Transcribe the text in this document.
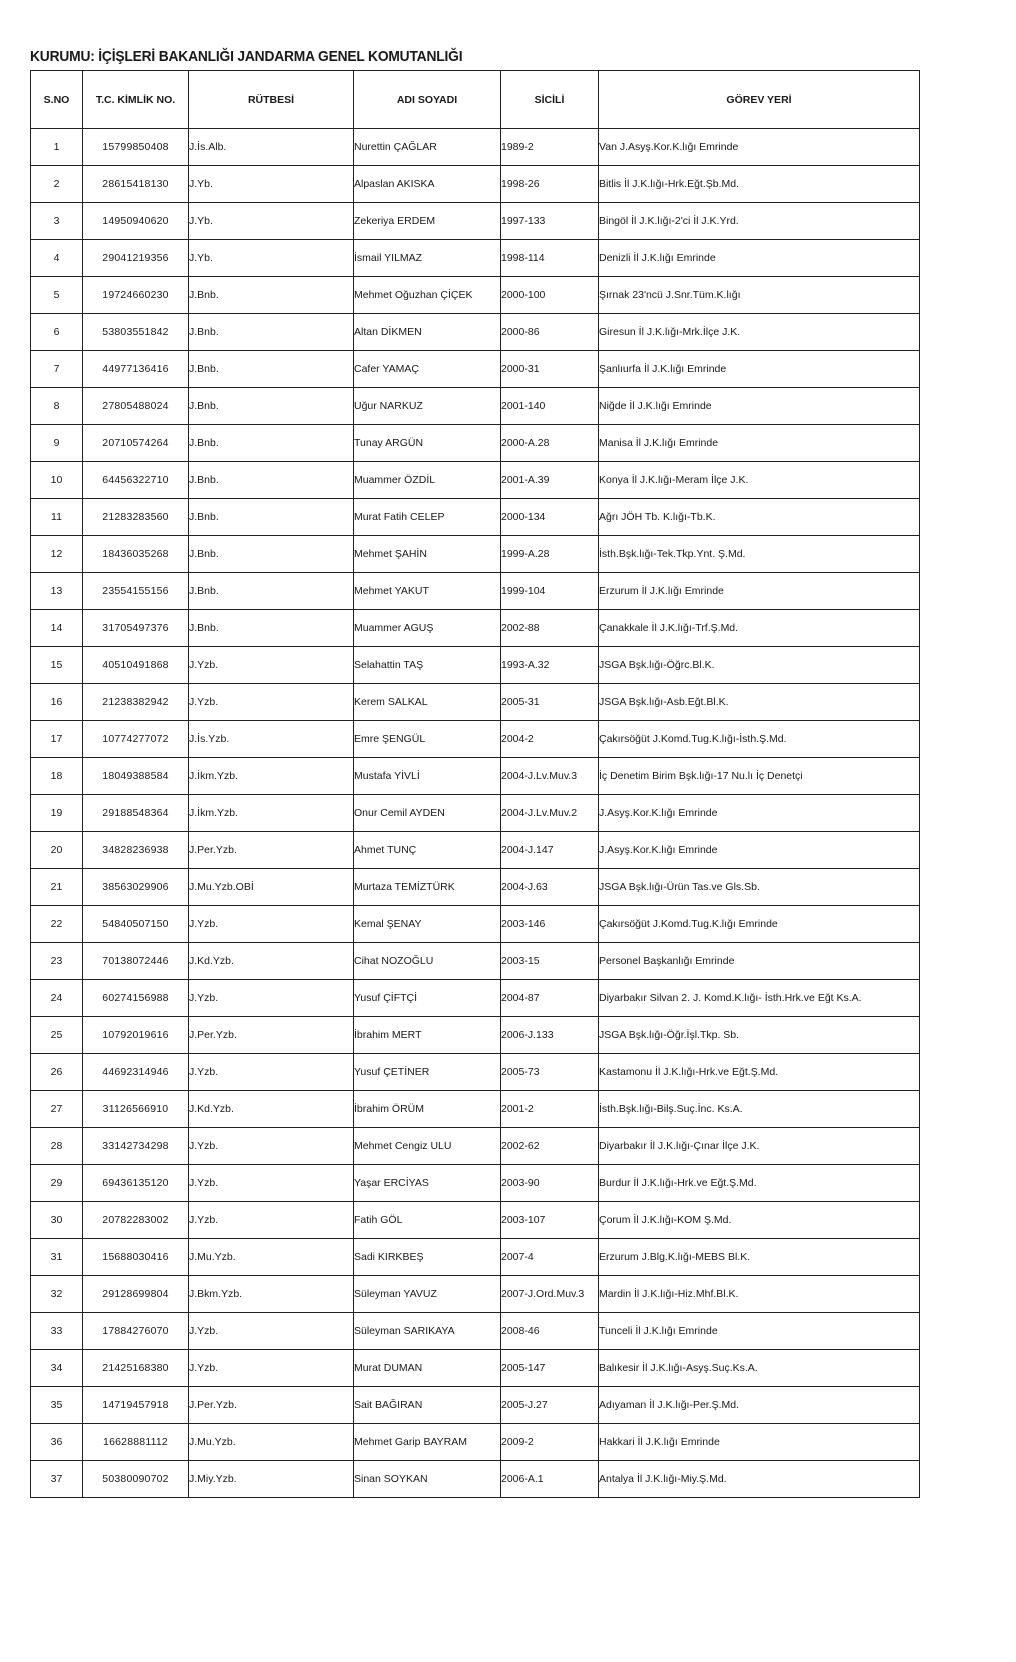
KURUMU: İÇİŞLERİ BAKANLIĞI JANDARMA GENEL KOMUTANLIĞI
S.NO	T.C. KİMLİK NO.	RÜTBESİ	ADI SOYADI	SİCİLİ	GÖREV YERİ
1	15799850408	J.İs.Alb.	Nurettin ÇAĞLAR	1989-2	Van J.Asyş.Kor.K.lığı Emrinde
2	28615418130	J.Yb.	Alpaslan AKISKA	1998-26	Bitlis İl J.K.lığı-Hrk.Eğt.Şb.Md.
3	14950940620	J.Yb.	Zekeriya ERDEM	1997-133	Bingöl İl J.K.lığı-2'ci İl J.K.Yrd.
4	29041219356	J.Yb.	İsmail YILMAZ	1998-114	Denizli İl J.K.lığı Emrinde
5	19724660230	J.Bnb.	Mehmet Oğuzhan ÇİÇEK	2000-100	Şırnak 23'ncü J.Snr.Tüm.K.lığı
6	53803551842	J.Bnb.	Altan DİKMEN	2000-86	Giresun İl J.K.lığı-Mrk.İlçe J.K.
7	44977136416	J.Bnb.	Cafer YAMAÇ	2000-31	Şanlıurfa İl J.K.lığı Emrinde
8	27805488024	J.Bnb.	Uğur NARKUZ	2001-140	Niğde İl J.K.lığı Emrinde
9	20710574264	J.Bnb.	Tunay ARGÜN	2000-A.28	Manisa İl J.K.lığı Emrinde
10	64456322710	J.Bnb.	Muammer ÖZDİL	2001-A.39	Konya İl J.K.lığı-Meram İlçe J.K.
11	21283283560	J.Bnb.	Murat Fatih CELEP	2000-134	Ağrı JÖH Tb. K.lığı-Tb.K.
12	18436035268	J.Bnb.	Mehmet ŞAHİN	1999-A.28	İsth.Bşk.lığı-Tek.Tkp.Ynt. Ş.Md.
13	23554155156	J.Bnb.	Mehmet YAKUT	1999-104	Erzurum İl J.K.lığı Emrinde
14	31705497376	J.Bnb.	Muammer AGUŞ	2002-88	Çanakkale İl J.K.lığı-Trf.Ş.Md.
15	40510491868	J.Yzb.	Selahattin TAŞ	1993-A.32	JSGA Bşk.lığı-Öğrc.Bl.K.
16	21238382942	J.Yzb.	Kerem SALKAL	2005-31	JSGA Bşk.lığı-Asb.Eğt.Bl.K.
17	10774277072	J.İs.Yzb.	Emre ŞENGÜL	2004-2	Çakırsöğüt J.Komd.Tug.K.lığı-İsth.Ş.Md.
18	18049388584	J.İkm.Yzb.	Mustafa YİVLİ	2004-J.Lv.Muv.3	İç Denetim Birim Bşk.lığı-17 Nu.lı İç Denetçi
19	29188548364	J.İkm.Yzb.	Onur Cemil AYDEN	2004-J.Lv.Muv.2	J.Asyş.Kor.K.lığı Emrinde
20	34828236938	J.Per.Yzb.	Ahmet TUNÇ	2004-J.147	J.Asyş.Kor.K.lığı Emrinde
21	38563029906	J.Mu.Yzb.OBİ	Murtaza TEMİZTÜRK	2004-J.63	JSGA Bşk.lığı-Ürün Tas.ve Gls.Sb.
22	54840507150	J.Yzb.	Kemal ŞENAY	2003-146	Çakırsöğüt J.Komd.Tug.K.lığı Emrinde
23	70138072446	J.Kd.Yzb.	Cihat NOZOĞLU	2003-15	Personel Başkanlığı Emrinde
24	60274156988	J.Yzb.	Yusuf ÇİFTÇİ	2004-87	Diyarbakır Silvan 2. J. Komd.K.lığı- İsth.Hrk.ve Eğt Ks.A.
25	10792019616	J.Per.Yzb.	İbrahim MERT	2006-J.133	JSGA Bşk.lığı-Öğr.İşl.Tkp. Sb.
26	44692314946	J.Yzb.	Yusuf ÇETİNER	2005-73	Kastamonu İl J.K.lığı-Hrk.ve Eğt.Ş.Md.
27	31126566910	J.Kd.Yzb.	İbrahim ÖRÜM	2001-2	İsth.Bşk.lığı-Bilş.Suç.İnc. Ks.A.
28	33142734298	J.Yzb.	Mehmet Cengiz ULU	2002-62	Diyarbakır İl J.K.lığı-Çınar İlçe J.K.
29	69436135120	J.Yzb.	Yaşar ERCİYAS	2003-90	Burdur İl J.K.lığı-Hrk.ve Eğt.Ş.Md.
30	20782283002	J.Yzb.	Fatih GÖL	2003-107	Çorum İl J.K.lığı-KOM Ş.Md.
31	15688030416	J.Mu.Yzb.	Sadi KIRKBEŞ	2007-4	Erzurum J.Blg.K.lığı-MEBS Bl.K.
32	29128699804	J.Bkm.Yzb.	Süleyman YAVUZ	2007-J.Ord.Muv.3	Mardin İl J.K.lığı-Hiz.Mhf.Bl.K.
33	17884276070	J.Yzb.	Süleyman SARIKAYA	2008-46	Tunceli İl J.K.lığı Emrinde
34	21425168380	J.Yzb.	Murat DUMAN	2005-147	Balıkesir İl J.K.lığı-Asyş.Suç.Ks.A.
35	14719457918	J.Per.Yzb.	Sait BAĞIRAN	2005-J.27	Adıyaman İl J.K.lığı-Per.Ş.Md.
36	16628881112	J.Mu.Yzb.	Mehmet Garip BAYRAM	2009-2	Hakkari İl J.K.lığı Emrinde
37	50380090702	J.Miy.Yzb.	Sinan SOYKAN	2006-A.1	Antalya İl J.K.lığı-Miy.Ş.Md.
